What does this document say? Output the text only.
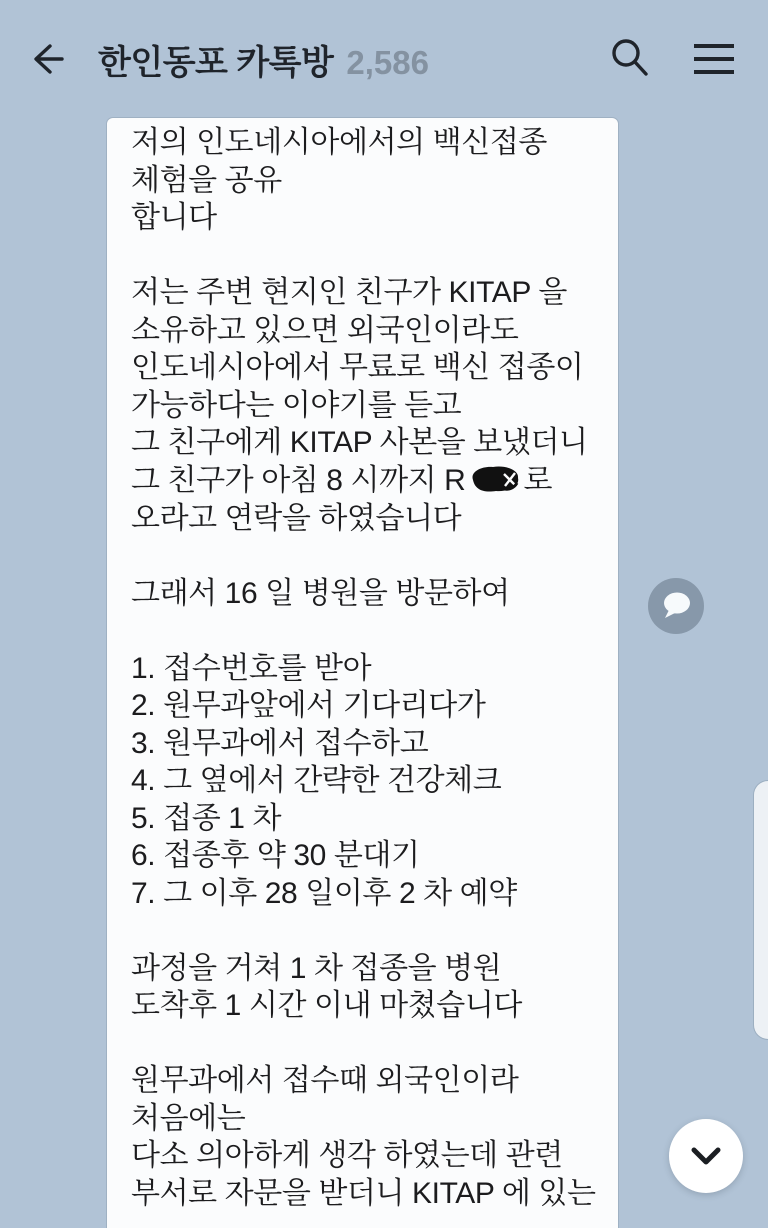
한인동포 카톡방 2,586
저의 인도네시아에서의 백신접종
체험을 공유
합니다
저는 주변 현지인 친구가 KITAP 을
소유하고 있으면 외국인이라도
인도네시아에서 무료로 백신 접종이
가능하다는 이야기를 듣고
그 친구에게 KITAP 사본을 보냈더니
그 친구가 아침 8 시까지 R 로
오라고 연락을 하였습니다
그래서 16 일 병원을 방문하여
1. 접수번호를 받아
2. 원무과앞에서 기다리다가
3. 원무과에서 접수하고
4. 그 옆에서 간략한 건강체크
5. 접종 1 차
6. 접종후 약 30 분대기
7. 그 이후 28 일이후 2 차 예약
과정을 거쳐 1 차 접종을 병원
도착후 1 시간 이내 마쳤습니다
원무과에서 접수때 외국인이라
처음에는
다소 의아하게 생각 하였는데 관련
부서로 자문을 받더니 KITAP 에 있는
